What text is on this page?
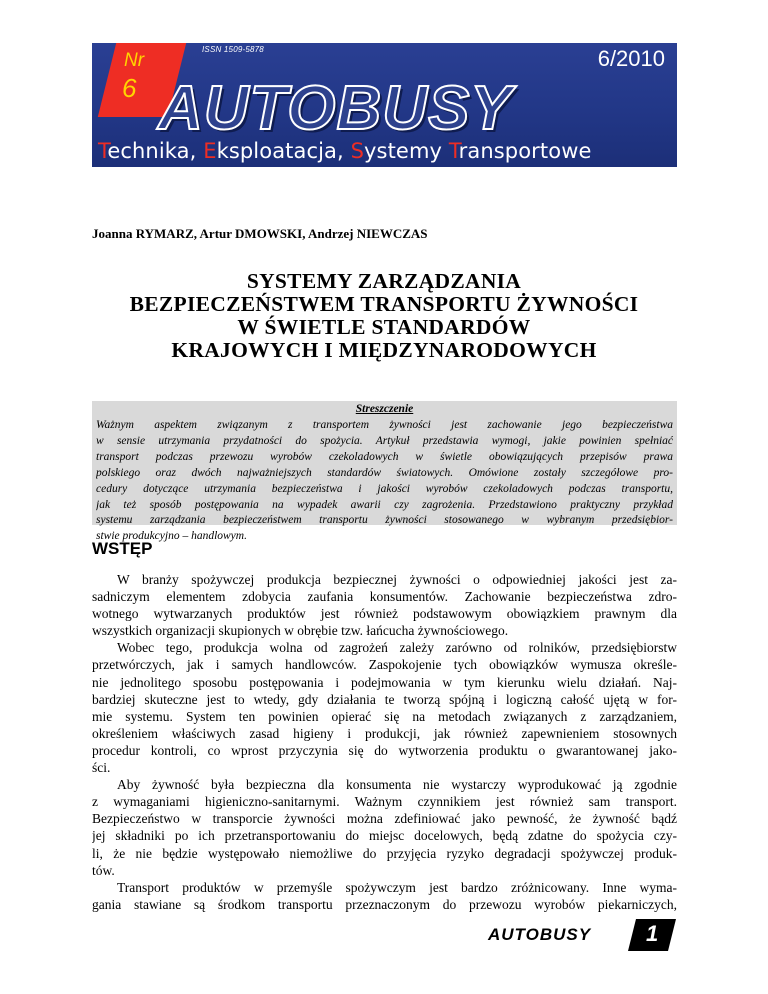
Nr
6
ISSN 1509-5878	6/2010
AUTOBUSY
Technika, Eksploatacja, Systemy Transportowe
Joanna RYMARZ, Artur DMOWSKI, Andrzej NIEWCZAS
SYSTEMY ZARZĄDZANIA
BEZPIECZEŃSTWEM TRANSPORTU ŻYWNOŚCI
W ŚWIETLE STANDARDÓW
KRAJOWYCH I MIĘDZYNARODOWYCH
Streszczenie
Ważnym aspektem związanym z transportem żywności jest zachowanie jego bezpieczeństwa
w sensie utrzymania przydatności do spożycia. Artykuł przedstawia wymogi, jakie powinien spełniać
transport podczas przewozu wyrobów czekoladowych w świetle obowiązujących przepisów prawa
polskiego oraz dwóch najważniejszych standardów światowych. Omówione zostały szczegółowe pro-
cedury dotyczące utrzymania bezpieczeństwa i jakości wyrobów czekoladowych podczas transportu,
jak też sposób postępowania na wypadek awarii czy zagrożenia. Przedstawiono praktyczny przykład
systemu zarządzania bezpieczeństwem transportu żywności stosowanego w wybranym przedsiębior-
stwie produkcyjno – handlowym.
WSTĘP

W branży spożywczej produkcja bezpiecznej żywności o odpowiedniej jakości jest za-
sadniczym elementem zdobycia zaufania konsumentów. Zachowanie bezpieczeństwa zdro-
wotnego wytwarzanych produktów jest również podstawowym obowiązkiem prawnym dla
wszystkich organizacji skupionych w obrębie tzw. łańcucha żywnościowego.

Wobec tego, produkcja wolna od zagrożeń zależy zarówno od rolników, przedsiębiorstw
przetwórczych, jak i samych handlowców. Zaspokojenie tych obowiązków wymusza określe-
nie jednolitego sposobu postępowania i podejmowania w tym kierunku wielu działań. Naj-
bardziej skuteczne jest to wtedy, gdy działania te tworzą spójną i logiczną całość ujętą w for-
mie systemu. System ten powinien opierać się na metodach związanych z zarządzaniem,
określeniem właściwych zasad higieny i produkcji, jak również zapewnieniem stosownych
procedur kontroli, co wprost przyczynia się do wytworzenia produktu o gwarantowanej jako-
ści.

Aby żywność była bezpieczna dla konsumenta nie wystarczy wyprodukować ją zgodnie
z wymaganiami higieniczno-sanitarnymi. Ważnym czynnikiem jest również sam transport.
Bezpieczeństwo w transporcie żywności można zdefiniować jako pewność, że żywność bądź
jej składniki po ich przetransportowaniu do miejsc docelowych, będą zdatne do spożycia czy-
li, że nie będzie występowało niemożliwe do przyjęcia ryzyko degradacji spożywczej produk-
tów.

Transport produktów w przemyśle spożywczym jest bardzo zróżnicowany. Inne wyma-
gania stawiane są środkom transportu przeznaczonym do przewozu wyrobów piekarniczych,

AUTOBUSY 1
